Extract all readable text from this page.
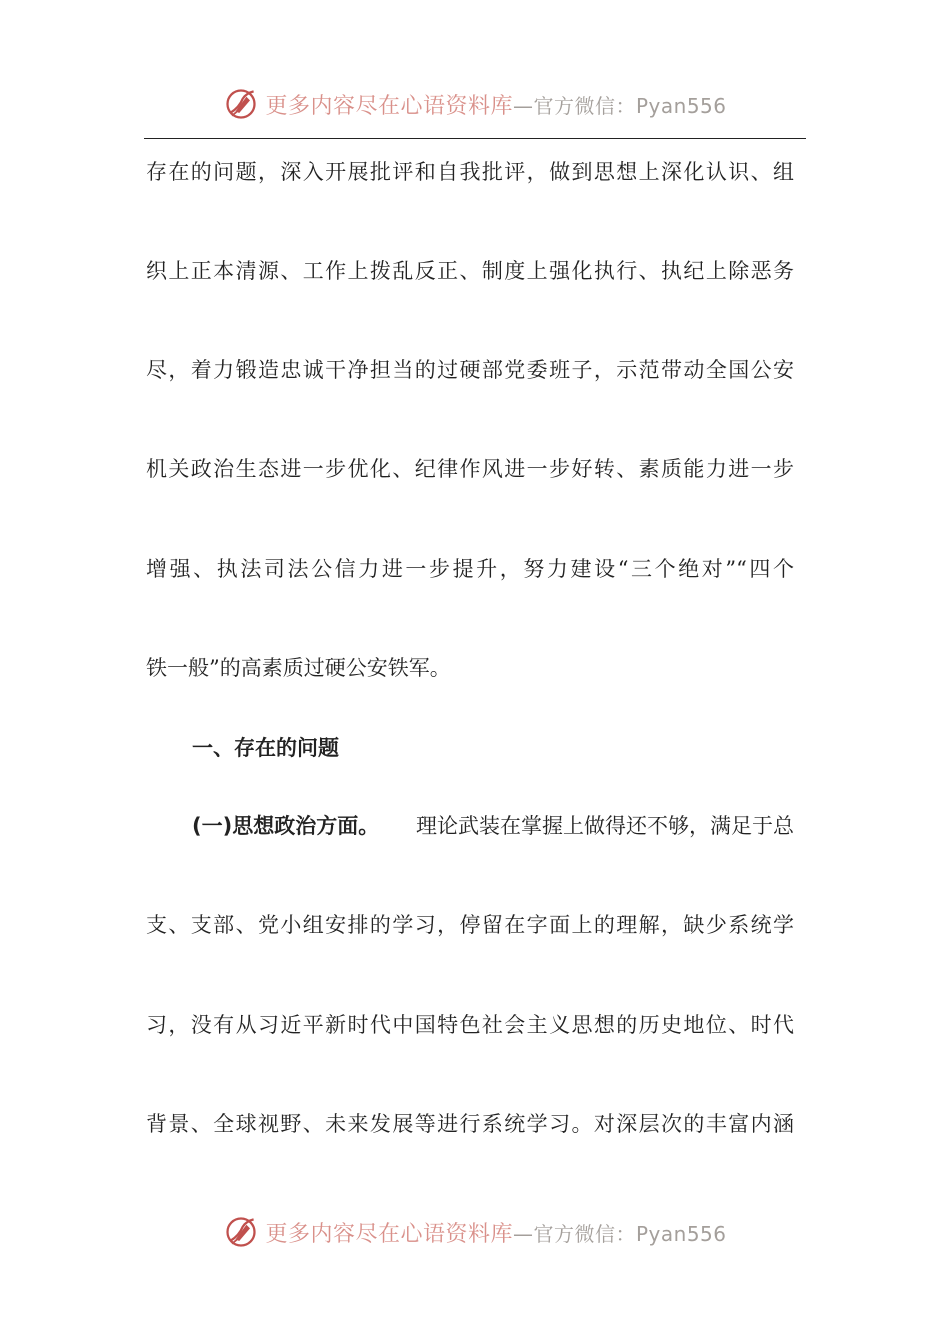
更多内容尽在心语资料库—官方微信：Pyan556
存在的问题，深入开展批评和自我批评，做到思想上深化认识、组
织上正本清源、工作上拨乱反正、制度上强化执行、执纪上除恶务
尽，着力锻造忠诚干净担当的过硬部党委班子，示范带动全国公安
机关政治生态进一步优化、纪律作风进一步好转、素质能力进一步
增强、执法司法公信力进一步提升，努力建设“三个绝对”“四个
铁一般”的高素质过硬公安铁军。
一、存在的问题
(一)思想政治方面。 理论武装在掌握上做得还不够，满足于总
支、支部、党小组安排的学习，停留在字面上的理解，缺少系统学
习，没有从习近平新时代中国特色社会主义思想的历史地位、时代
背景、全球视野、未来发展等进行系统学习。对深层次的丰富内涵
更多内容尽在心语资料库—官方微信：Pyan556
